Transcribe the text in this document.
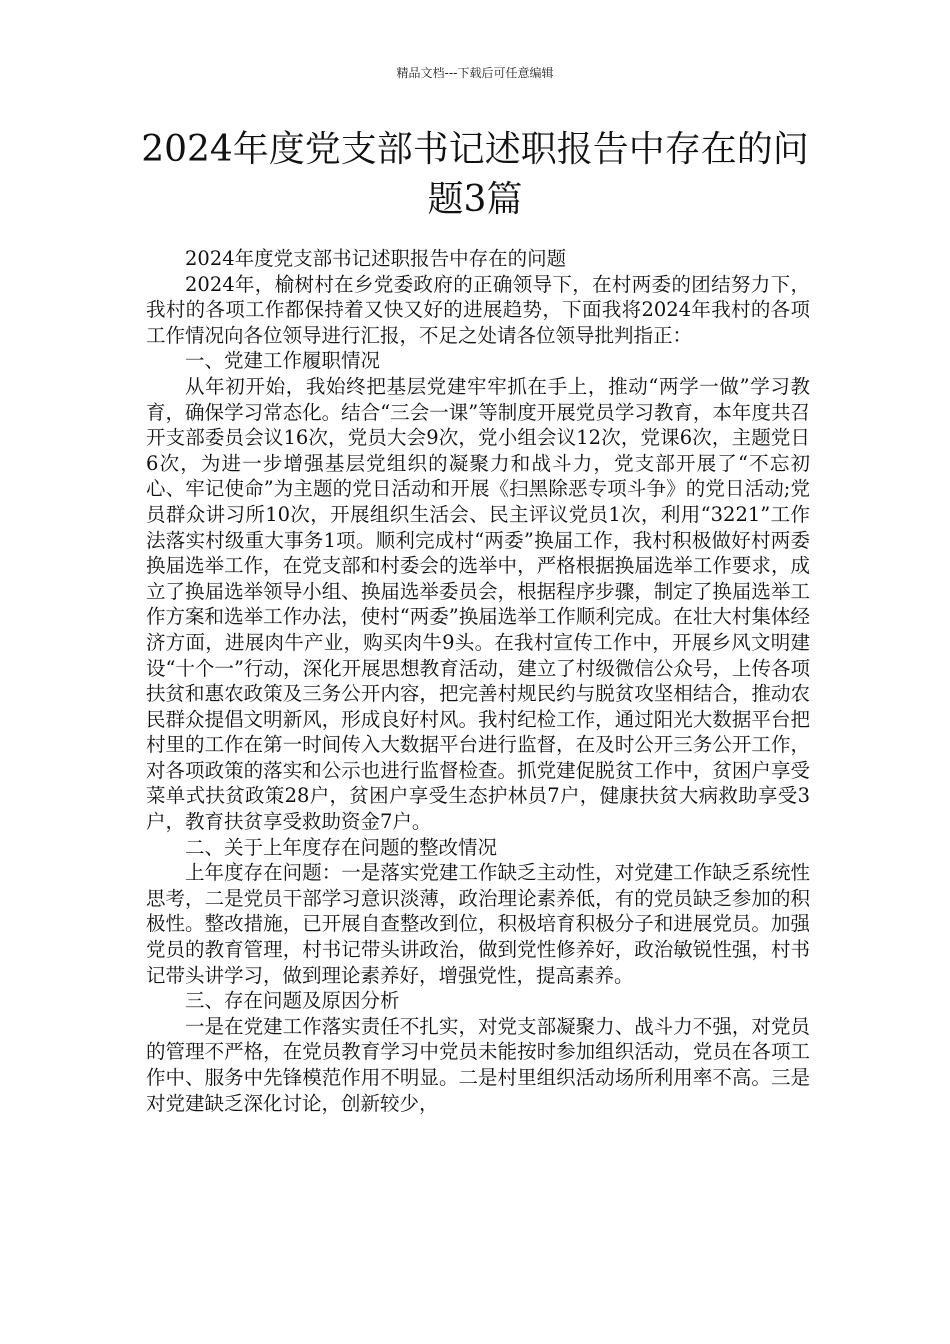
精品文档---下载后可任意编辑
2024年度党支部书记述职报告中存在的问题3篇

2024年度党支部书记述职报告中存在的问题

2024年，榆树村在乡党委政府的正确领导下，在村两委的团结努力下，我村的各项工作都保持着又快又好的进展趋势，下面我将2024年我村的各项工作情况向各位领导进行汇报，不足之处请各位领导批判指正：

一、党建工作履职情况

从年初开始，我始终把基层党建牢牢抓在手上，推动“两学一做”学习教育，确保学习常态化。结合“三会一课”等制度开展党员学习教育，本年度共召开支部委员会议16次，党员大会9次，党小组会议12次，党课6次，主题党日6次，为进一步增强基层党组织的凝聚力和战斗力，党支部开展了“不忘初心、牢记使命”为主题的党日活动和开展《扫黑除恶专项斗争》的党日活动;党员群众讲习所10次，开展组织生活会、民主评议党员1次，利用“3221”工作法落实村级重大事务1项。顺利完成村“两委”换届工作，我村积极做好村两委换届选举工作，在党支部和村委会的选举中，严格根据换届选举工作要求，成立了换届选举领导小组、换届选举委员会，根据程序步骤，制定了换届选举工作方案和选举工作办法，使村“两委”换届选举工作顺利完成。在壮大村集体经济方面，进展肉牛产业，购买肉牛9头。在我村宣传工作中，开展乡风文明建设“十个一”行动，深化开展思想教育活动，建立了村级微信公众号，上传各项扶贫和惠农政策及三务公开内容，把完善村规民约与脱贫攻坚相结合，推动农民群众提倡文明新风，形成良好村风。我村纪检工作，通过阳光大数据平台把村里的工作在第一时间传入大数据平台进行监督，在及时公开三务公开工作，对各项政策的落实和公示也进行监督检查。抓党建促脱贫工作中，贫困户享受菜单式扶贫政策28户，贫困户享受生态护林员7户，健康扶贫大病救助享受3户，教育扶贫享受救助资金7户。

二、关于上年度存在问题的整改情况

上年度存在问题：一是落实党建工作缺乏主动性，对党建工作缺乏系统性思考，二是党员干部学习意识淡薄，政治理论素养低，有的党员缺乏参加的积极性。整改措施，已开展自查整改到位，积极培育积极分子和进展党员。加强党员的教育管理，村书记带头讲政治，做到党性修养好，政治敏锐性强，村书记带头讲学习，做到理论素养好，增强党性，提高素养。

三、存在问题及原因分析

一是在党建工作落实责任不扎实，对党支部凝聚力、战斗力不强，对党员的管理不严格，在党员教育学习中党员未能按时参加组织活动，党员在各项工作中、服务中先锋模范作用不明显。二是村里组织活动场所利用率不高。三是对党建缺乏深化讨论，创新较少，
